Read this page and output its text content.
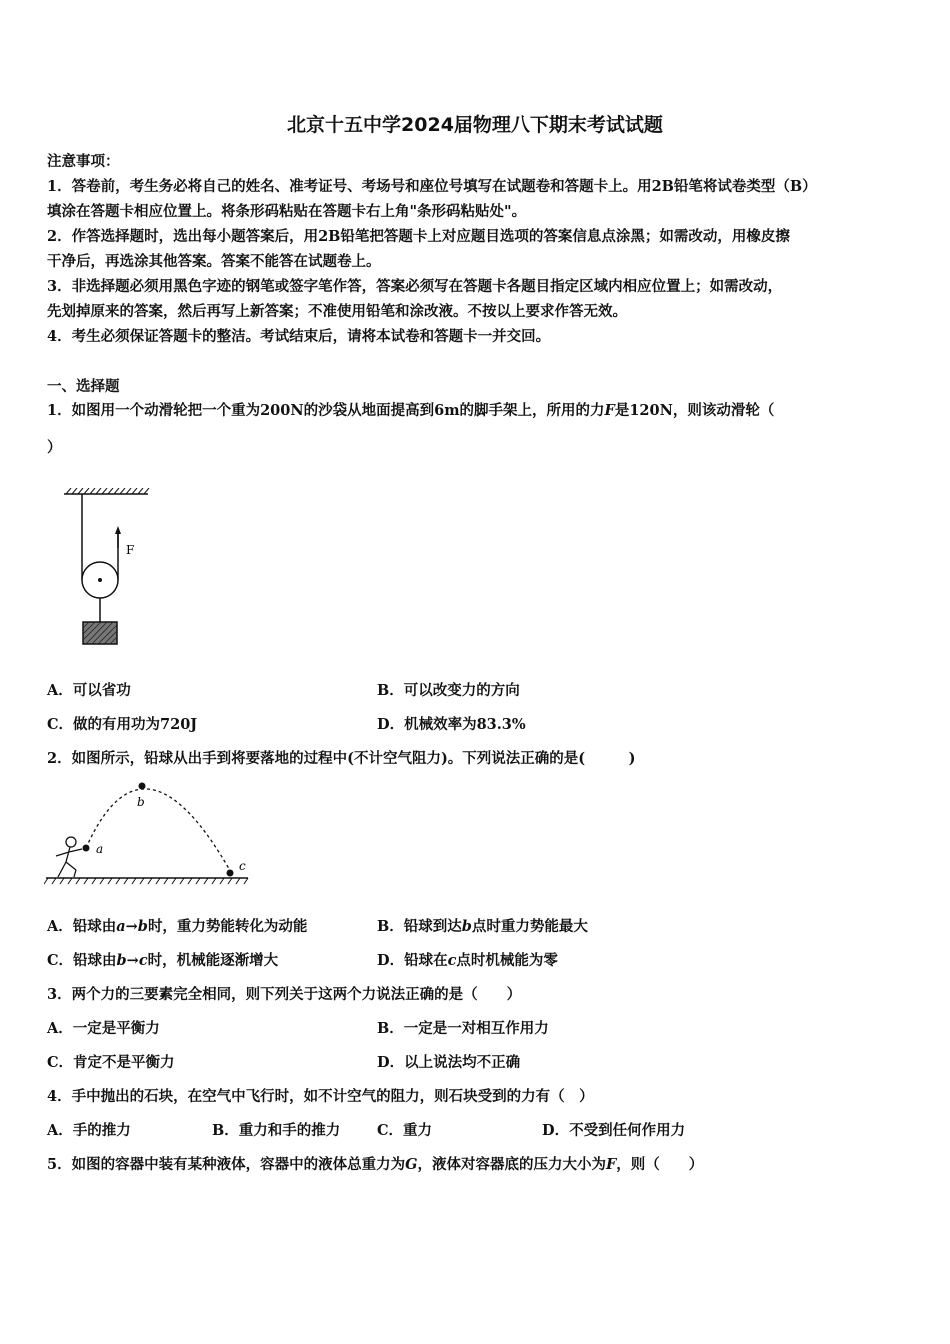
北京十五中学2024届物理八下期末考试试题
注意事项：
1．答卷前，考生务必将自己的姓名、准考证号、考场号和座位号填写在试题卷和答题卡上。用2B铅笔将试卷类型（B）
填涂在答题卡相应位置上。将条形码粘贴在答题卡右上角"条形码粘贴处"。
2．作答选择题时，选出每小题答案后，用2B铅笔把答题卡上对应题目选项的答案信息点涂黑；如需改动，用橡皮擦
干净后，再选涂其他答案。答案不能答在试题卷上。
3．非选择题必须用黑色字迹的钢笔或签字笔作答，答案必须写在答题卡各题目指定区域内相应位置上；如需改动，
先划掉原来的答案，然后再写上新答案；不准使用铅笔和涂改液。不按以上要求作答无效。
4．考生必须保证答题卡的整洁。考试结束后，请将本试卷和答题卡一并交回。
一、选择题
1．如图用一个动滑轮把一个重为200N的沙袋从地面提高到6m的脚手架上，所用的力F是120N，则该动滑轮（
）
F
A．可以省功	B．可以改变力的方向
C．做的有用功为720J	D．机械效率为83.3%
2．如图所示，铅球从出手到将要落地的过程中(不计空气阻力)。下列说法正确的是(　　　)
a
b
c
A．铅球由a→b时，重力势能转化为动能	B．铅球到达b点时重力势能最大
C．铅球由b→c时，机械能逐渐增大	D．铅球在c点时机械能为零
3．两个力的三要素完全相同，则下列关于这两个力说法正确的是（　　）
A．一定是平衡力	B．一定是一对相互作用力
C．肯定不是平衡力	D．以上说法均不正确
4．手中抛出的石块，在空气中飞行时，如不计空气的阻力，则石块受到的力有（　）
A．手的推力	B．重力和手的推力	C．重力	D．不受到任何作用力
5．如图的容器中装有某种液体，容器中的液体总重力为G，液体对容器底的压力大小为F，则（　　）
